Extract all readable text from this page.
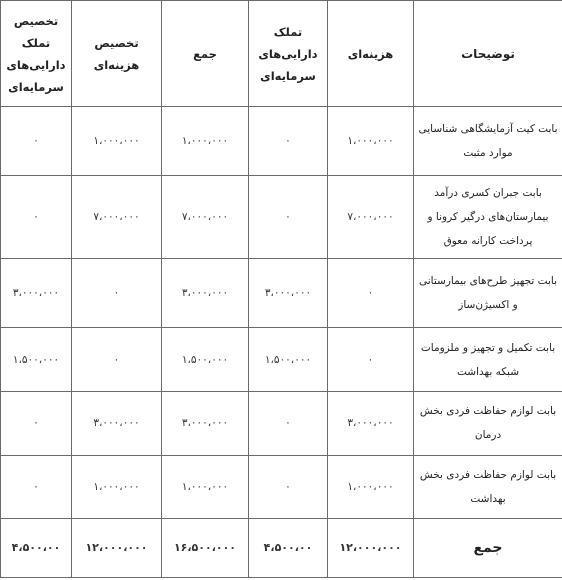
توضیحات	هزینه‌ای	تملک دارایی‌های سرمایه‌ای	جمع	تخصیص هزینه‌ای	تخصیص تملک دارایی‌های سرمایه‌ای
بابت کیت آزمایشگاهی شناسایی موارد مثبت	۱،۰۰۰،۰۰۰	۰	۱،۰۰۰،۰۰۰	۱،۰۰۰،۰۰۰	۰
بابت جبران کسری درآمد بیمارستان‌های درگیر کرونا و پرداخت کارانه معوق	۷،۰۰۰،۰۰۰	۰	۷،۰۰۰،۰۰۰	۷،۰۰۰،۰۰۰	۰
بابت تجهیز طرح‌های بیمارستانی و اکسیژن‌ساز	۰	۳،۰۰۰،۰۰۰	۳،۰۰۰،۰۰۰	۰	۳،۰۰۰،۰۰۰
بابت تکمیل و تجهیز و ملزومات شبکه بهداشت	۰	۱،۵۰۰،۰۰۰	۱،۵۰۰،۰۰۰	۰	۱،۵۰۰،۰۰۰
بابت لوازم حفاظت فردی بخش درمان	۳،۰۰۰،۰۰۰	۰	۳،۰۰۰،۰۰۰	۳،۰۰۰،۰۰۰	۰
بابت لوازم حفاظت فردی بخش بهداشت	۱،۰۰۰،۰۰۰	۰	۱،۰۰۰،۰۰۰	۱،۰۰۰،۰۰۰	۰
جمع	۱۲،۰۰۰،۰۰۰	۴،۵۰۰،۰۰	۱۶،۵۰۰،۰۰۰	۱۲،۰۰۰،۰۰۰	۴،۵۰۰،۰۰
